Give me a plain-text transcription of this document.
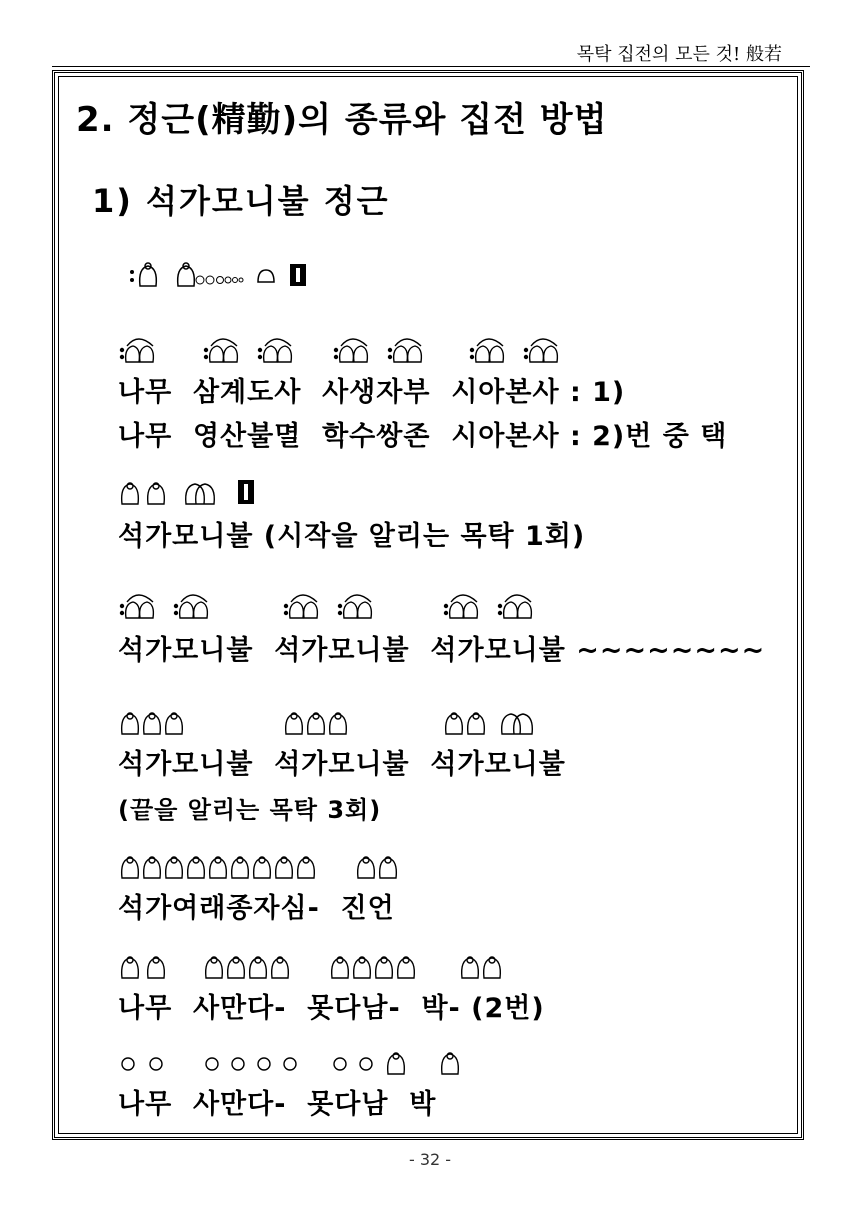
목탁 집전의 모든 것! 般若
2. 정근(精勤)의 종류와 집전 방법
1) 석가모니불 정근
나무  삼계도사  사생자부  시아본사 : 1)
나무  영산불멸  학수쌍존  시아본사 : 2)번 중 택
석가모니불 (시작을 알리는 목탁 1회)
석가모니불  석가모니불  석가모니불 ~~~~~~~~
석가모니불  석가모니불  석가모니불
(끝을 알리는 목탁 3회)
석가여래종자심-  진언
나무  사만다-  못다남-  박- (2번)
나무  사만다-  못다남  박
- 32 -
